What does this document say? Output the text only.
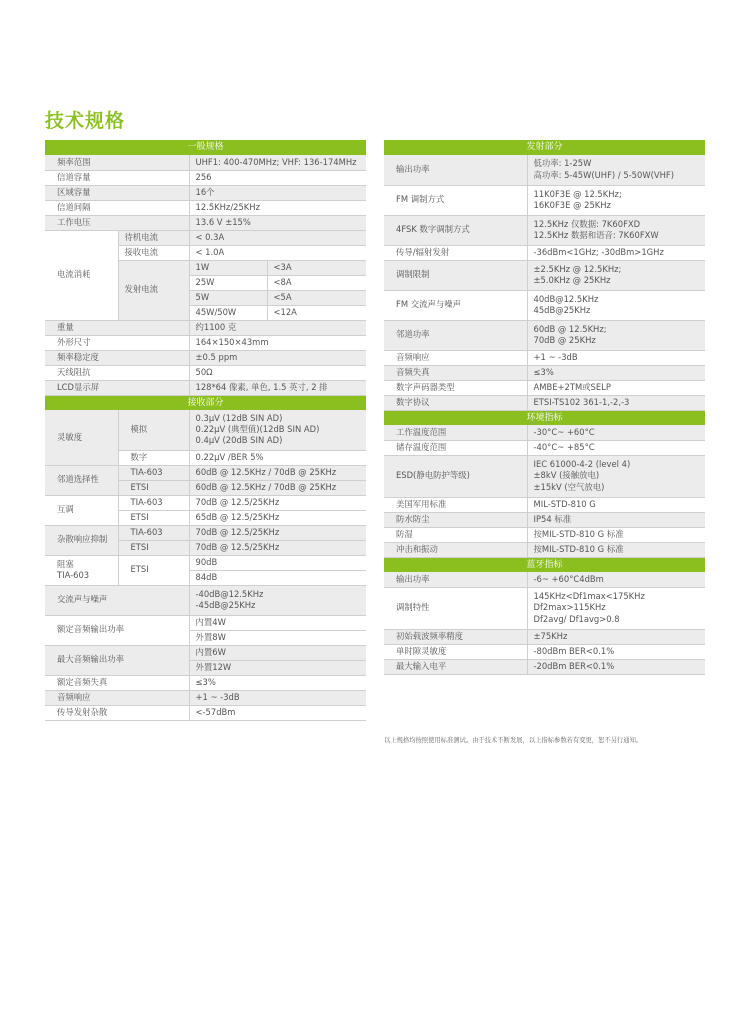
技术规格
一般规格			
频率范围		UHF1: 400-470MHz; VHF: 136-174MHz	
信道容量		256	
区域容量		16个	
信道间隔		12.5KHz/25KHz	
工作电压		13.6 V ±15%	
电流消耗	待机电流	< 0.3A	
	接收电流	< 1.0A	
	发射电流	1W	<3A
		25W	<8A
		5W	<5A
		45W/50W	<12A
重量		约1100 克	
外形尺寸		164×150×43mm	
频率稳定度		±0.5 ppm	
天线阻抗		50Ω	
LCD显示屏		128*64 像素, 单色, 1.5 英寸, 2 排	
接收部分			
灵敏度	模拟	0.3μV (12dB SIN AD)
0.22μV (典型值)(12dB SIN AD)
0.4μV (20dB SIN AD)	

	数字	0.22μV /BER 5%	
邻道选择性	TIA-603	60dB @ 12.5KHz / 70dB @ 25KHz	
	ETSI	60dB @ 12.5KHz / 70dB @ 25KHz	
互调	TIA-603	70dB @ 12.5/25KHz	
	ETSI	65dB @ 12.5/25KHz	
杂散响应抑制	TIA-603	70dB @ 12.5/25KHz	
	ETSI	70dB @ 12.5/25KHz	

阻塞
TIA-603	ETSI	90dB	
		84dB	
交流声与噪声		-40dB@12.5KHz
-45dB@25KHz	

额定音频输出功率		内置4W	
		外置8W	
最大音频输出功率		内置6W	
		外置12W	
额定音频失真		≤3%	
音频响应		+1 ~ -3dB	
传导发射杂散		<-57dBm	
发射部分	
输出功率	低功率: 1-25W
高功率: 5-45W(UHF) / 5-50W(VHF)

FM 调制方式	11K0F3E @ 12.5KHz;
16K0F3E @ 25KHz

4FSK 数字调制方式	12.5KHz 仅数据: 7K60FXD
12.5KHz 数据和语音: 7K60FXW

传导/辐射发射	-36dBm<1GHz; -30dBm>1GHz
调制限制	±2.5KHz @ 12.5KHz;
±5.0KHz @ 25KHz

FM 交流声与噪声	40dB@12.5KHz
45dB@25KHz

邻道功率	60dB @ 12.5KHz;
70dB @ 25KHz

音频响应	+1 ~ -3dB
音频失真	≤3%
数字声码器类型	AMBE+2TM或SELP
数字协议	ETSI-TS102 361-1,-2,-3
环境指标	
工作温度范围	-30°C~ +60°C
储存温度范围	-40°C~ +85°C
ESD(静电防护等级)	IEC 61000-4-2 (level 4)
±8kV (接触放电)
±15kV (空气放电)

美国军用标准	MIL-STD-810 G
防水防尘	IP54 标准
防湿	按MIL-STD-810 G 标准
冲击和振动	按MIL-STD-810 G 标准
蓝牙指标	
输出功率	-6~ +60°C4dBm
调制特性	145KHz<Df1max<175KHz
Df2max>115KHz
Df2avg/ Df1avg>0.8

初始载波频率精度	±75KHz
单时隙灵敏度	-80dBm BER<0.1%
最大输入电平	-20dBm BER<0.1%
以上规格均按照使用标准测试。由于技术不断发展，以上指标参数若有变更，恕不另行通知。
